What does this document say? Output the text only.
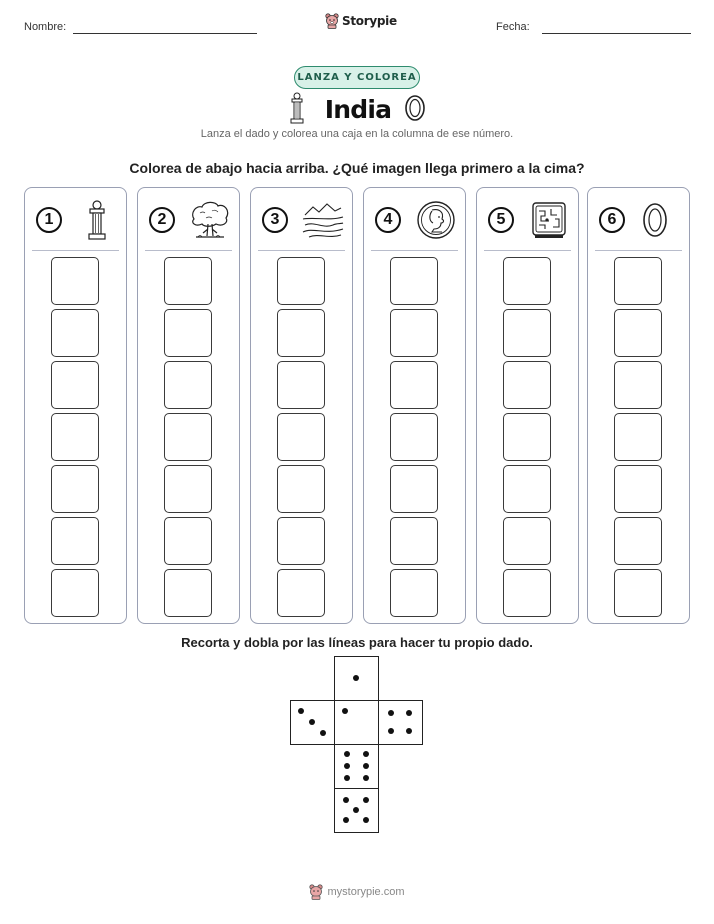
Nombre:	Storypie	Fecha:
LANZA Y COLOREA
India
Lanza el dado y colorea una caja en la columna de ese número.
Colorea de abajo hacia arriba. ¿Qué imagen llega primero a la cima?
1	2	3	4	5	6
Recorta y dobla por las líneas para hacer tu propio dado.
mystorypie.com
